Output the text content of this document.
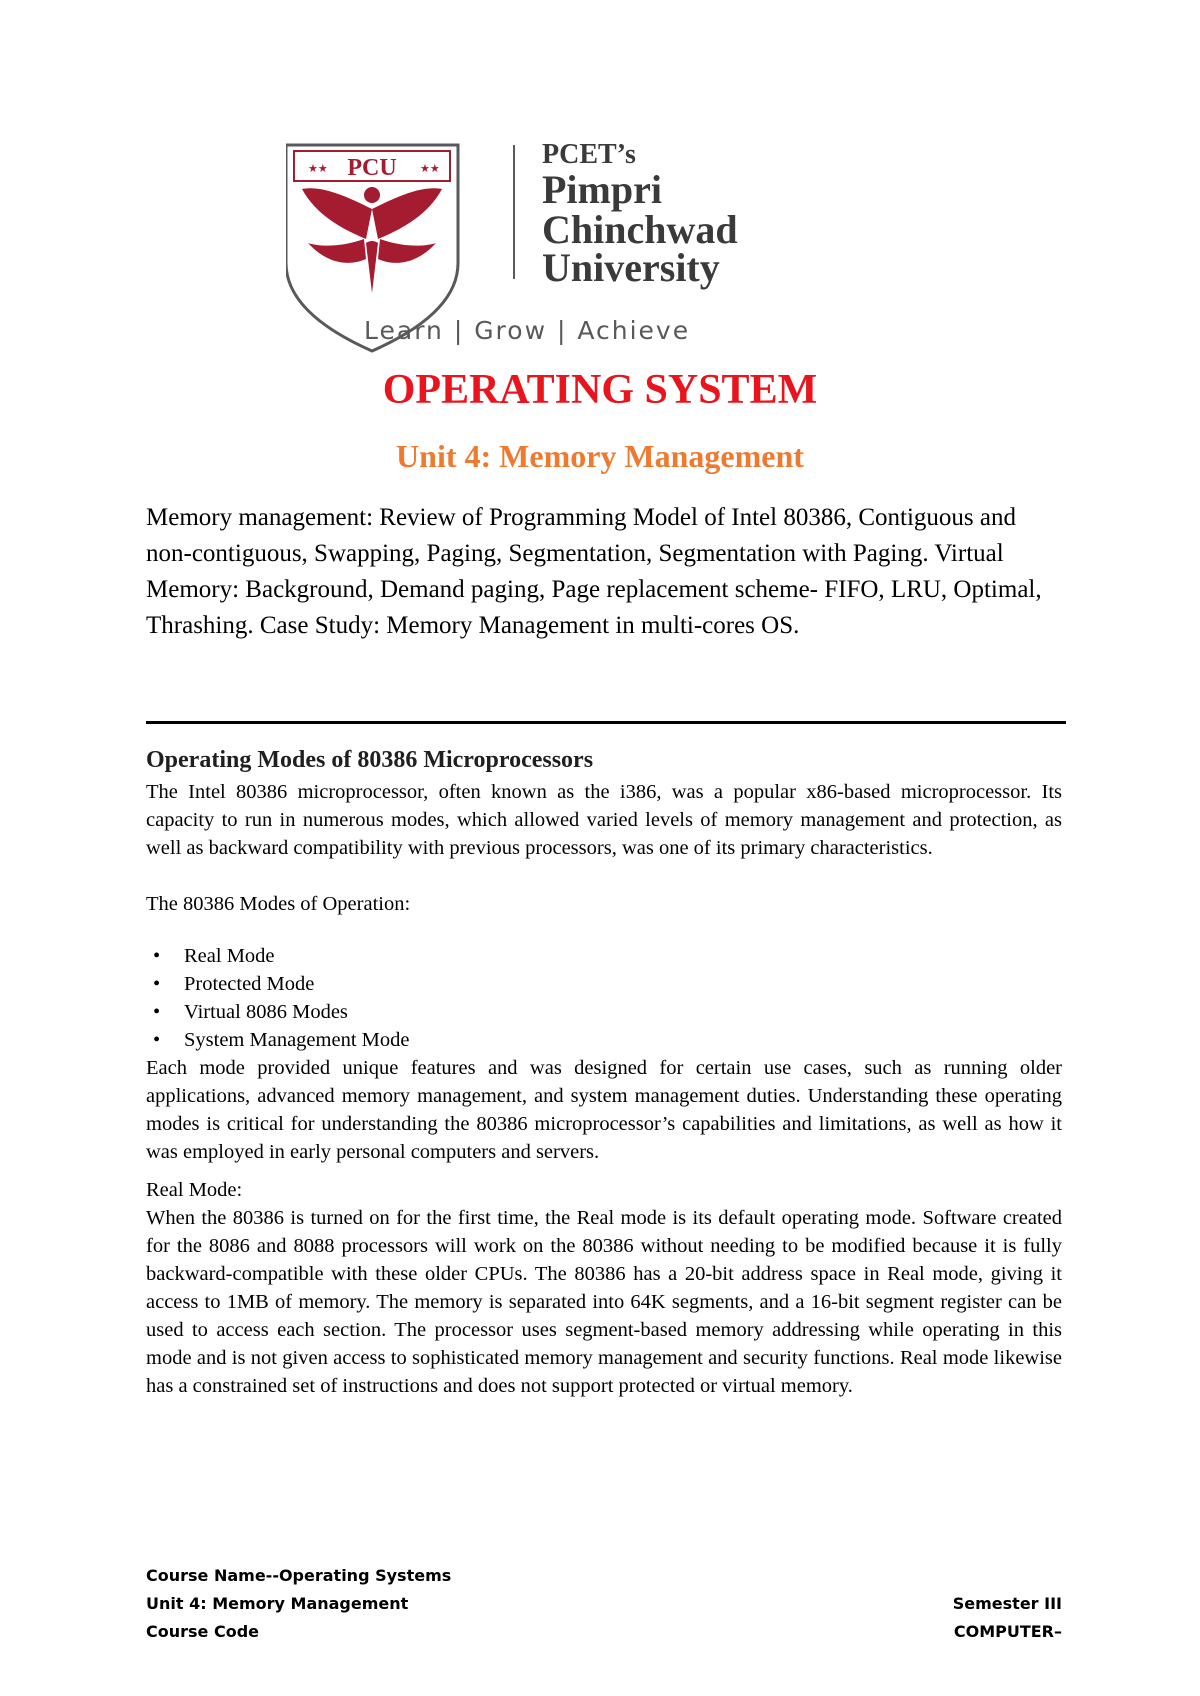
★★	★★
PCU	PCET’s
Pimpri
Chinchwad
University
Learn | Grow | Achieve
OPERATING SYSTEM
Unit 4: Memory Management

Memory management: Review of Programming Model of Intel 80386, Contiguous and non-contiguous, Swapping, Paging, Segmentation, Segmentation with Paging. Virtual Memory: Background, Demand paging, Page replacement scheme- FIFO, LRU, Optimal, Thrashing. Case Study: Memory Management in multi-cores OS.

Operating Modes of 80386 Microprocessors

The Intel 80386 microprocessor, often known as the i386, was a popular x86-based microprocessor. Its capacity to run in numerous modes, which allowed varied levels of memory management and protection, as well as backward compatibility with previous processors, was one of its primary characteristics.

The 80386 Modes of Operation:

• Real Mode
• Protected Mode
• Virtual 8086 Modes
• System Management Mode

Each mode provided unique features and was designed for certain use cases, such as running older applications, advanced memory management, and system management duties. Understanding these operating modes is critical for understanding the 80386 microprocessor’s capabilities and limitations, as well as how it was employed in early personal computers and servers.

Real Mode:

When the 80386 is turned on for the first time, the Real mode is its default operating mode. Software created for the 8086 and 8088 processors will work on the 80386 without needing to be modified because it is fully backward-compatible with these older CPUs. The 80386 has a 20-bit address space in Real mode, giving it access to 1MB of memory. The memory is separated into 64K segments, and a 16-bit segment register can be used to access each section. The processor uses segment-based memory addressing while operating in this mode and is not given access to sophisticated memory management and security functions. Real mode likewise has a constrained set of instructions and does not support protected or virtual memory.

Course Name--Operating Systems
Unit 4: Memory Management	Semester III
Course Code	COMPUTER–
